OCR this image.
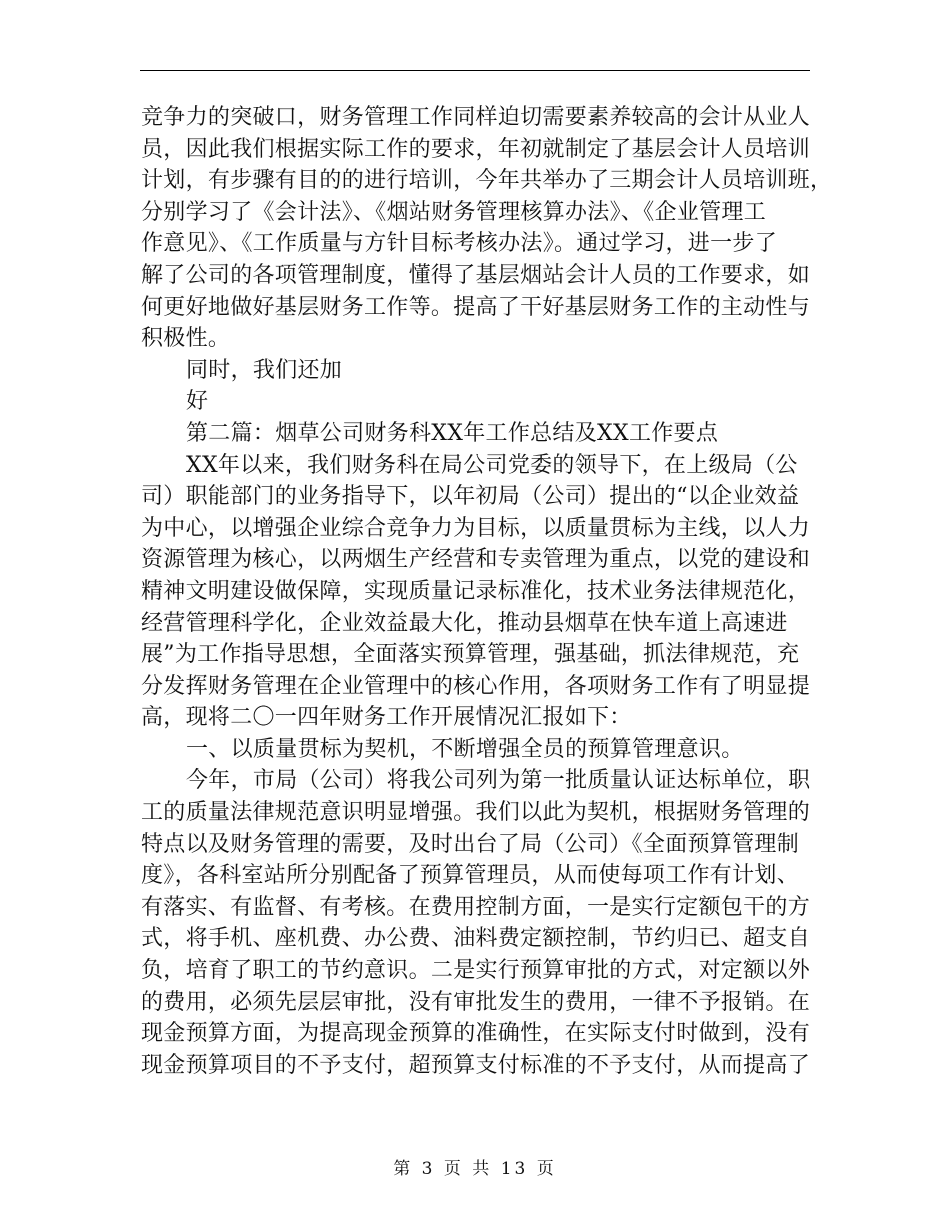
竞争力的突破口，财务管理工作同样迫切需要素养较高的会计从业人
员，因此我们根据实际工作的要求，年初就制定了基层会计人员培训
计划，有步骤有目的的进行培训，今年共举办了三期会计人员培训班，
分别学习了《会计法》、《烟站财务管理核算办法》、《企业管理工
作意见》、《工作质量与方针目标考核办法》。通过学习，进一步了
解了公司的各项管理制度，懂得了基层烟站会计人员的工作要求，如
何更好地做好基层财务工作等。提高了干好基层财务工作的主动性与
积极性。
同时，我们还加
好
第二篇：烟草公司财务科XX年工作总结及XX工作要点
XX年以来，我们财务科在局公司党委的领导下，在上级局（公
司）职能部门的业务指导下，以年初局（公司）提出的“以企业效益
为中心，以增强企业综合竞争力为目标，以质量贯标为主线，以人力
资源管理为核心，以两烟生产经营和专卖管理为重点，以党的建设和
精神文明建设做保障，实现质量记录标准化，技术业务法律规范化，
经营管理科学化，企业效益最大化，推动县烟草在快车道上高速进
展”为工作指导思想，全面落实预算管理，强基础，抓法律规范，充
分发挥财务管理在企业管理中的核心作用，各项财务工作有了明显提
高，现将二〇一四年财务工作开展情况汇报如下：
一、以质量贯标为契机，不断增强全员的预算管理意识。
今年，市局（公司）将我公司列为第一批质量认证达标单位，职
工的质量法律规范意识明显增强。我们以此为契机，根据财务管理的
特点以及财务管理的需要，及时出台了局（公司）《全面预算管理制
度》，各科室站所分别配备了预算管理员，从而使每项工作有计划、
有落实、有监督、有考核。在费用控制方面，一是实行定额包干的方
式，将手机、座机费、办公费、油料费定额控制，节约归已、超支自
负，培育了职工的节约意识。二是实行预算审批的方式，对定额以外
的费用，必须先层层审批，没有审批发生的费用，一律不予报销。在
现金预算方面，为提高现金预算的准确性，在实际支付时做到，没有
现金预算项目的不予支付，超预算支付标准的不予支付，从而提高了
第 3 页 共 13 页
